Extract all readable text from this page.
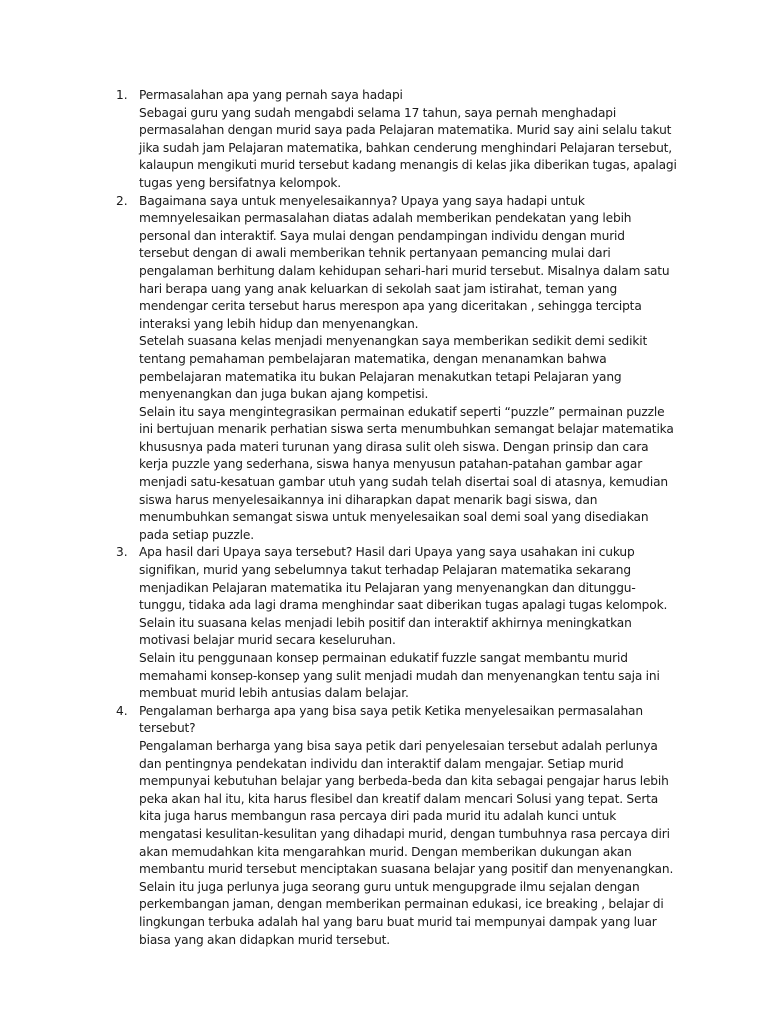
1. Permasalahan apa yang pernah saya hadapi
Sebagai guru yang sudah mengabdi selama 17 tahun, saya pernah menghadapi permasalahan dengan murid saya pada Pelajaran matematika. Murid say aini selalu takut jika sudah jam Pelajaran matematika, bahkan cenderung menghindari Pelajaran tersebut, kalaupun mengikuti murid tersebut kadang menangis di kelas jika diberikan tugas, apalagi tugas yeng bersifatnya kelompok.
2. Bagaimana saya untuk menyelesaikannya? Upaya yang saya hadapi untuk memnyelesaikan permasalahan diatas adalah memberikan pendekatan yang lebih personal dan interaktif. Saya mulai dengan pendampingan individu dengan murid tersebut dengan di awali memberikan tehnik pertanyaan pemancing mulai dari pengalaman berhitung dalam kehidupan sehari-hari murid tersebut. Misalnya dalam satu hari berapa uang yang anak keluarkan di sekolah saat jam istirahat, teman yang mendengar cerita tersebut harus merespon apa yang diceritakan , sehingga tercipta interaksi yang lebih hidup dan menyenangkan.
Setelah suasana kelas menjadi menyenangkan saya memberikan sedikit demi sedikit tentang pemahaman pembelajaran matematika, dengan menanamkan bahwa pembelajaran matematika itu bukan Pelajaran menakutkan tetapi Pelajaran yang menyenangkan dan juga bukan ajang kompetisi.
Selain itu saya mengintegrasikan permainan edukatif seperti “puzzle” permainan puzzle ini bertujuan menarik perhatian siswa serta menumbuhkan semangat belajar matematika khususnya pada materi turunan yang dirasa sulit oleh siswa. Dengan prinsip dan cara kerja puzzle yang sederhana, siswa hanya menyusun patahan-patahan gambar agar menjadi satu-kesatuan gambar utuh yang sudah telah disertai soal di atasnya, kemudian siswa harus menyelesaikannya ini diharapkan dapat menarik bagi siswa, dan menumbuhkan semangat siswa untuk menyelesaikan soal demi soal yang disediakan pada setiap puzzle.
3. Apa hasil dari Upaya saya tersebut? Hasil dari Upaya yang saya usahakan ini cukup signifikan, murid yang sebelumnya takut terhadap Pelajaran matematika sekarang menjadikan Pelajaran matematika itu Pelajaran yang menyenangkan dan ditunggu-tunggu, tidaka ada lagi drama menghindar saat diberikan tugas apalagi tugas kelompok. Selain itu suasana kelas menjadi lebih positif dan interaktif akhirnya meningkatkan motivasi belajar murid secara keseluruhan.
Selain itu penggunaan konsep permainan edukatif fuzzle sangat membantu murid memahami konsep-konsep yang sulit menjadi mudah dan menyenangkan tentu saja ini membuat murid lebih antusias dalam belajar.
4. Pengalaman berharga apa yang bisa saya petik Ketika menyelesaikan permasalahan tersebut?
Pengalaman berharga yang bisa saya petik dari penyelesaian tersebut adalah perlunya dan pentingnya pendekatan individu dan interaktif dalam mengajar. Setiap murid mempunyai kebutuhan belajar yang berbeda-beda dan kita sebagai pengajar harus lebih peka akan hal itu, kita harus flesibel dan kreatif dalam mencari Solusi yang tepat. Serta kita juga harus membangun rasa percaya diri pada murid itu adalah kunci untuk mengatasi kesulitan-kesulitan yang dihadapi murid, dengan tumbuhnya rasa percaya diri akan memudahkan kita mengarahkan murid. Dengan memberikan dukungan akan membantu murid tersebut menciptakan suasana belajar yang positif dan menyenangkan.
Selain itu juga perlunya juga seorang guru untuk mengupgrade ilmu sejalan dengan perkembangan jaman, dengan memberikan permainan edukasi, ice breaking , belajar di lingkungan terbuka adalah hal yang baru buat murid tai mempunyai dampak yang luar biasa yang akan didapkan murid tersebut.
